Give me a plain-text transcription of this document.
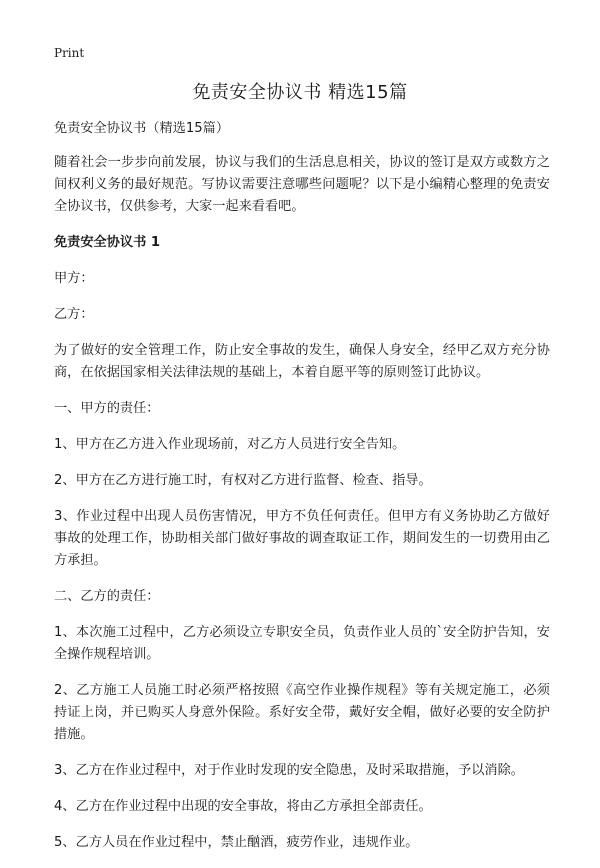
Print
免责安全协议书 精选15篇

免责安全协议书（精选15篇）

随着社会一步步向前发展，协议与我们的生活息息相关，协议的签订是双方或数方之间权利义务的最好规范。写协议需要注意哪些问题呢？以下是小编精心整理的免责安全协议书，仅供参考，大家一起来看看吧。

免责安全协议书 1

甲方：

乙方：

为了做好的安全管理工作，防止安全事故的发生，确保人身安全，经甲乙双方充分协商，在依据国家相关法律法规的基础上，本着自愿平等的原则签订此协议。

一、甲方的责任：

1、甲方在乙方进入作业现场前，对乙方人员进行安全告知。

2、甲方在乙方进行施工时，有权对乙方进行监督、检查、指导。

3、作业过程中出现人员伤害情况，甲方不负任何责任。但甲方有义务协助乙方做好事故的处理工作，协助相关部门做好事故的调查取证工作，期间发生的一切费用由乙方承担。

二、乙方的责任：

1、本次施工过程中，乙方必须设立专职安全员，负责作业人员的`安全防护告知，安全操作规程培训。

2、乙方施工人员施工时必须严格按照《高空作业操作规程》等有关规定施工，必须持证上岗，并已购买人身意外保险。系好安全带，戴好安全帽，做好必要的安全防护措施。

3、乙方在作业过程中，对于作业时发现的安全隐患，及时采取措施，予以消除。

4、乙方在作业过程中出现的安全事故，将由乙方承担全部责任。

5、乙方人员在作业过程中，禁止酗酒，疲劳作业，违规作业。
